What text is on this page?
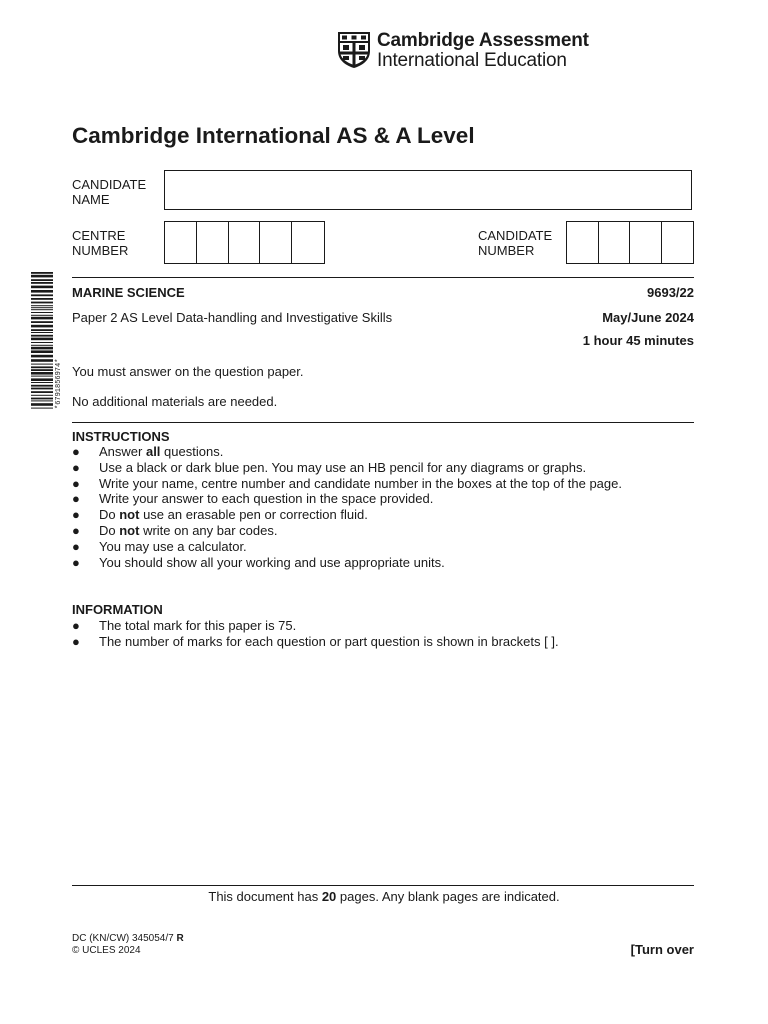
Cambridge Assessment
International Education
Cambridge International AS & A Level
CANDIDATE
NAME
CENTRE
NUMBER
CANDIDATE
NUMBER
*6791856974*
MARINE SCIENCE	9693/22
Paper 2 AS Level Data-handling and Investigative Skills	May/June 2024
1 hour 45 minutes
You must answer on the question paper.
No additional materials are needed.
INSTRUCTIONS
● Answer all questions.
● Use a black or dark blue pen. You may use an HB pencil for any diagrams or graphs.
● Write your name, centre number and candidate number in the boxes at the top of the page.
● Write your answer to each question in the space provided.
● Do not use an erasable pen or correction fluid.
● Do not write on any bar codes.
● You may use a calculator.
● You should show all your working and use appropriate units.
INFORMATION
● The total mark for this paper is 75.
● The number of marks for each question or part question is shown in brackets [ ].
This document has 20 pages. Any blank pages are indicated.
DC (KN/CW) 345054/7 R
© UCLES 2024	[Turn over
